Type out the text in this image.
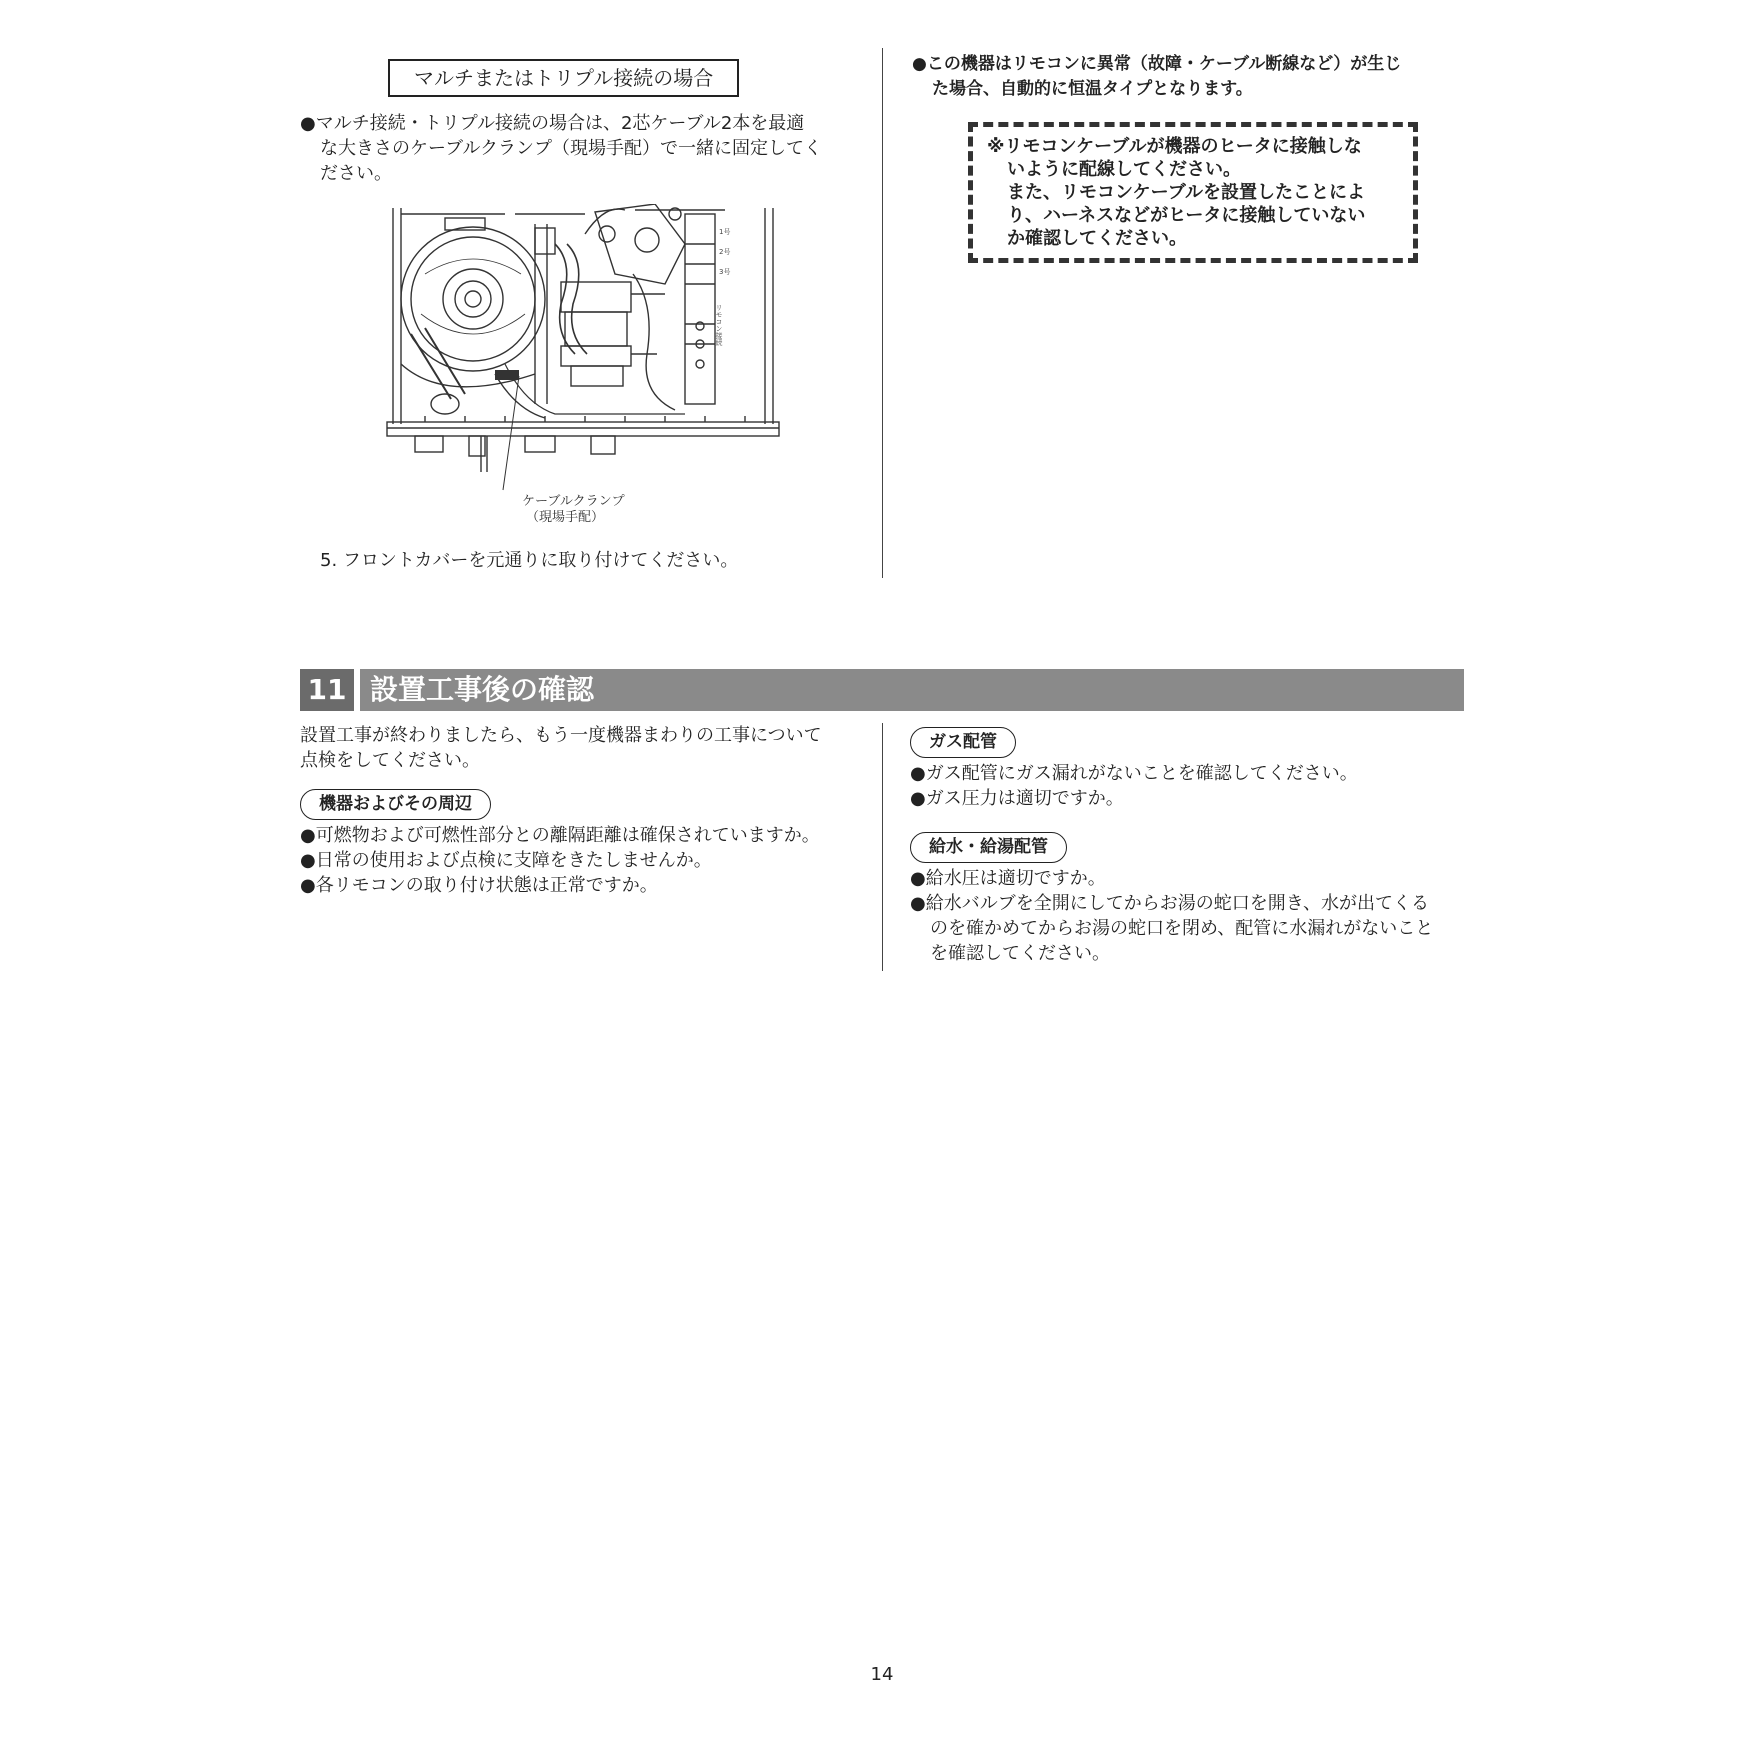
マルチまたはトリプル接続の場合
●マルチ接続・トリプル接続の場合は、2芯ケーブル2本を最適
な大きさのケーブルクランプ（現場手配）で一緒に固定してく
ださい。
1号
2号
3号
リモコン接続
ケーブルクランプ
（現場手配）
5. フロントカバーを元通りに取り付けてください。
●この機器はリモコンに異常（故障・ケーブル断線など）が生じ
た場合、自動的に恒温タイプとなります。
※リモコンケーブルが機器のヒータに接触しな
いように配線してください。
また、リモコンケーブルを設置したことによ
り、ハーネスなどがヒータに接触していない
か確認してください。
11 設置工事後の確認
設置工事が終わりましたら、もう一度機器まわりの工事について
点検をしてください。
機器およびその周辺
●可燃物および可燃性部分との離隔距離は確保されていますか。
●日常の使用および点検に支障をきたしませんか。
●各リモコンの取り付け状態は正常ですか。
ガス配管
●ガス配管にガス漏れがないことを確認してください。
●ガス圧力は適切ですか。
給水・給湯配管
●給水圧は適切ですか。
●給水バルブを全開にしてからお湯の蛇口を開き、水が出てくる
のを確かめてからお湯の蛇口を閉め、配管に水漏れがないこと
を確認してください。
14
